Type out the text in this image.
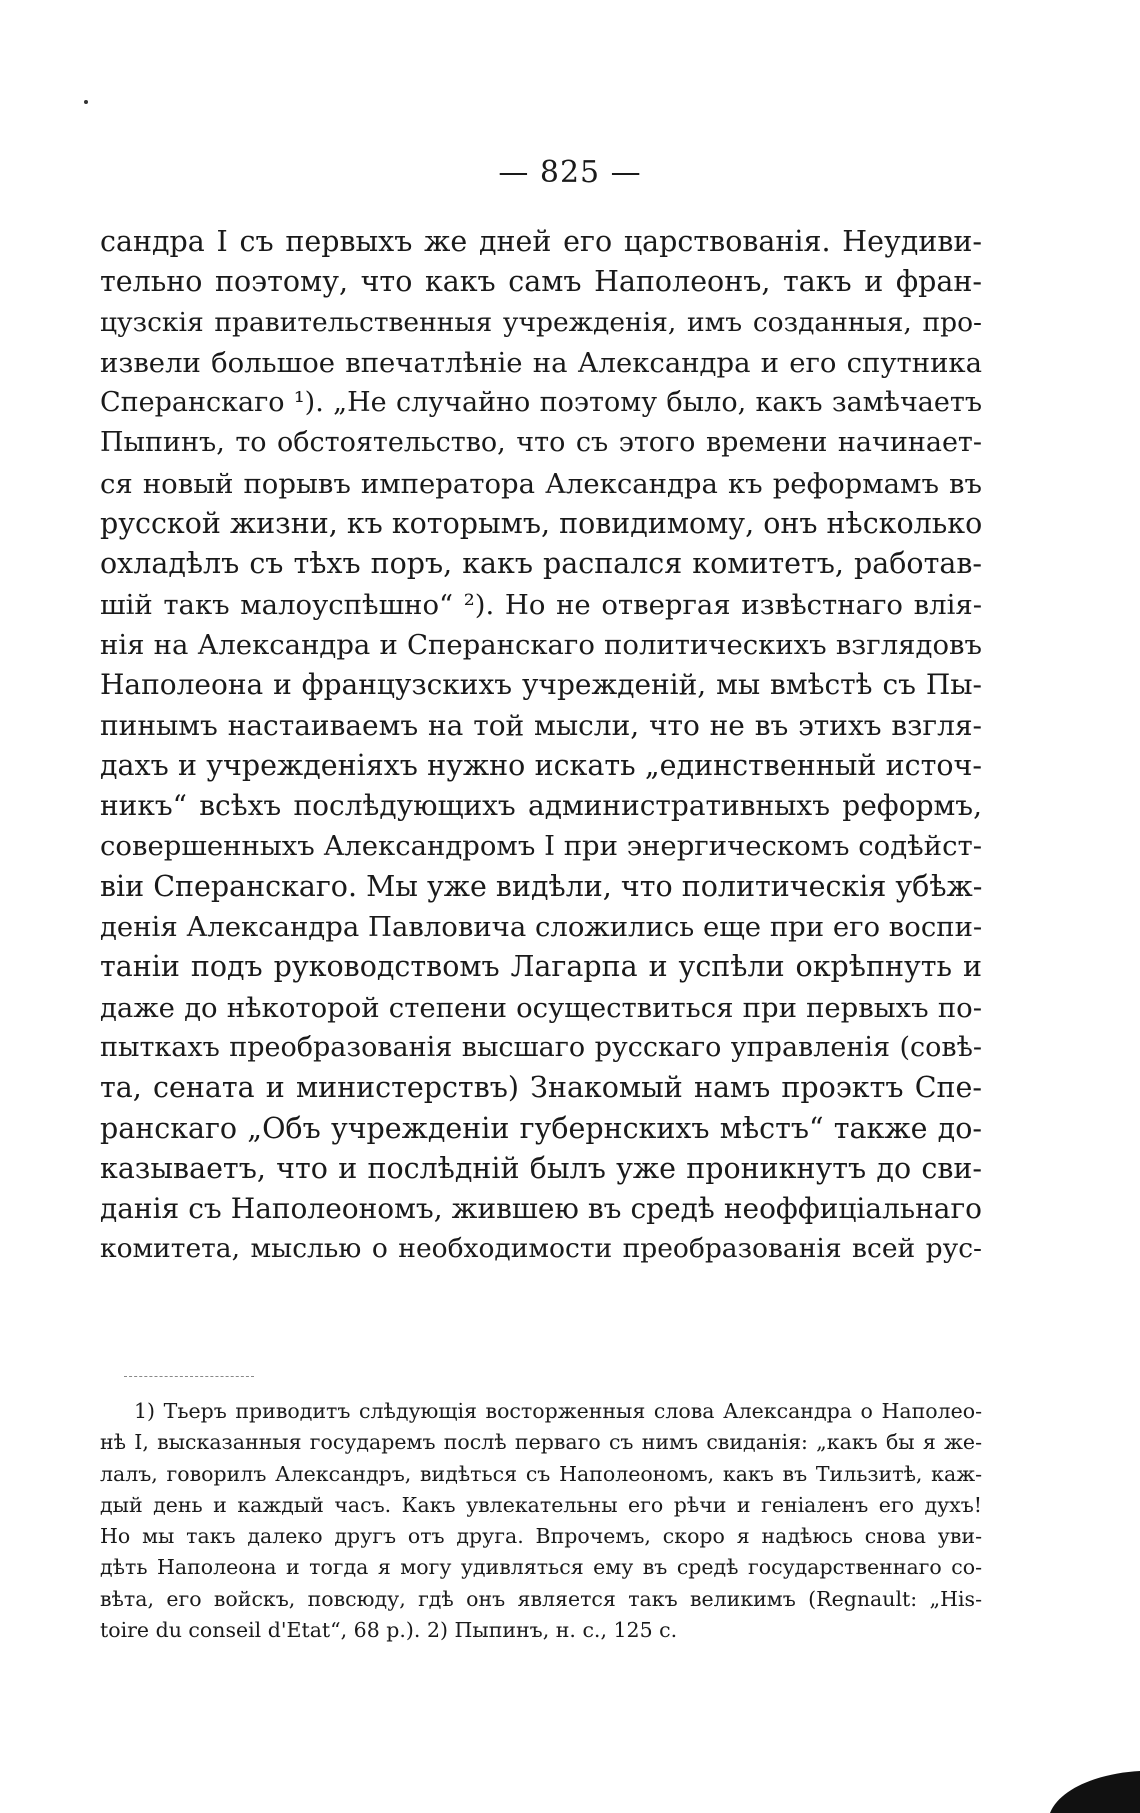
— 825 —
сандра I съ первыхъ же дней его царствованія. Неудиви-
тельно поэтому, что какъ самъ Наполеонъ, такъ и фран-
цузскія правительственныя учрежденія, имъ созданныя, про-
извели большое впечатлѣніе на Александра и его спутника
Сперанскаго ¹). „Не случайно поэтому было, какъ замѣчаетъ
Пыпинъ, то обстоятельство, что съ этого времени начинает-
ся новый порывъ императора Александра къ реформамъ въ
русской жизни, къ которымъ, повидимому, онъ нѣсколько
охладѣлъ съ тѣхъ поръ, какъ распался комитетъ, работав-
шій такъ малоуспѣшно“ ²). Но не отвергая извѣстнаго влія-
нія на Александра и Сперанскаго политическихъ взглядовъ
Наполеона и французскихъ учрежденій, мы вмѣстѣ съ Пы-
пинымъ настаиваемъ на той мысли, что не въ этихъ взгля-
дахъ и учрежденіяхъ нужно искать „единственный источ-
никъ“ всѣхъ послѣдующихъ административныхъ реформъ,
совершенныхъ Александромъ I при энергическомъ содѣйст-
віи Сперанскаго. Мы уже видѣли, что политическія убѣж-
денія Александра Павловича сложились еще при его воспи-
таніи подъ руководствомъ Лагарпа и успѣли окрѣпнуть и
даже до нѣкоторой степени осуществиться при первыхъ по-
пыткахъ преобразованія высшаго русскаго управленія (совѣ-
та, сената и министерствъ) Знакомый намъ проэктъ Спе-
ранскаго „Объ учрежденіи губернскихъ мѣстъ“ также до-
казываетъ, что и послѣдній былъ уже проникнутъ до сви-
данія съ Наполеономъ, жившею въ средѣ неоффиціальнаго
комитета, мыслью о необходимости преобразованія всей рус-
1) Тьеръ приводитъ слѣдующія восторженныя слова Александра о Наполео-
нѣ I, высказанныя государемъ послѣ перваго съ нимъ свиданія: „какъ бы я же-
лалъ, говорилъ Александръ, видѣться съ Наполеономъ, какъ въ Тильзитѣ, каж-
дый день и каждый часъ. Какъ увлекательны его рѣчи и геніаленъ его духъ!
Но мы такъ далеко другъ отъ друга. Впрочемъ, скоро я надѣюсь снова уви-
дѣть Наполеона и тогда я могу удивляться ему въ средѣ государственнаго со-
вѣта, его войскъ, повсюду, гдѣ онъ является такъ великимъ (Regnault: „His-
toire du conseil d'Etat“, 68 p.). 2) Пыпинъ, н. с., 125 с.
